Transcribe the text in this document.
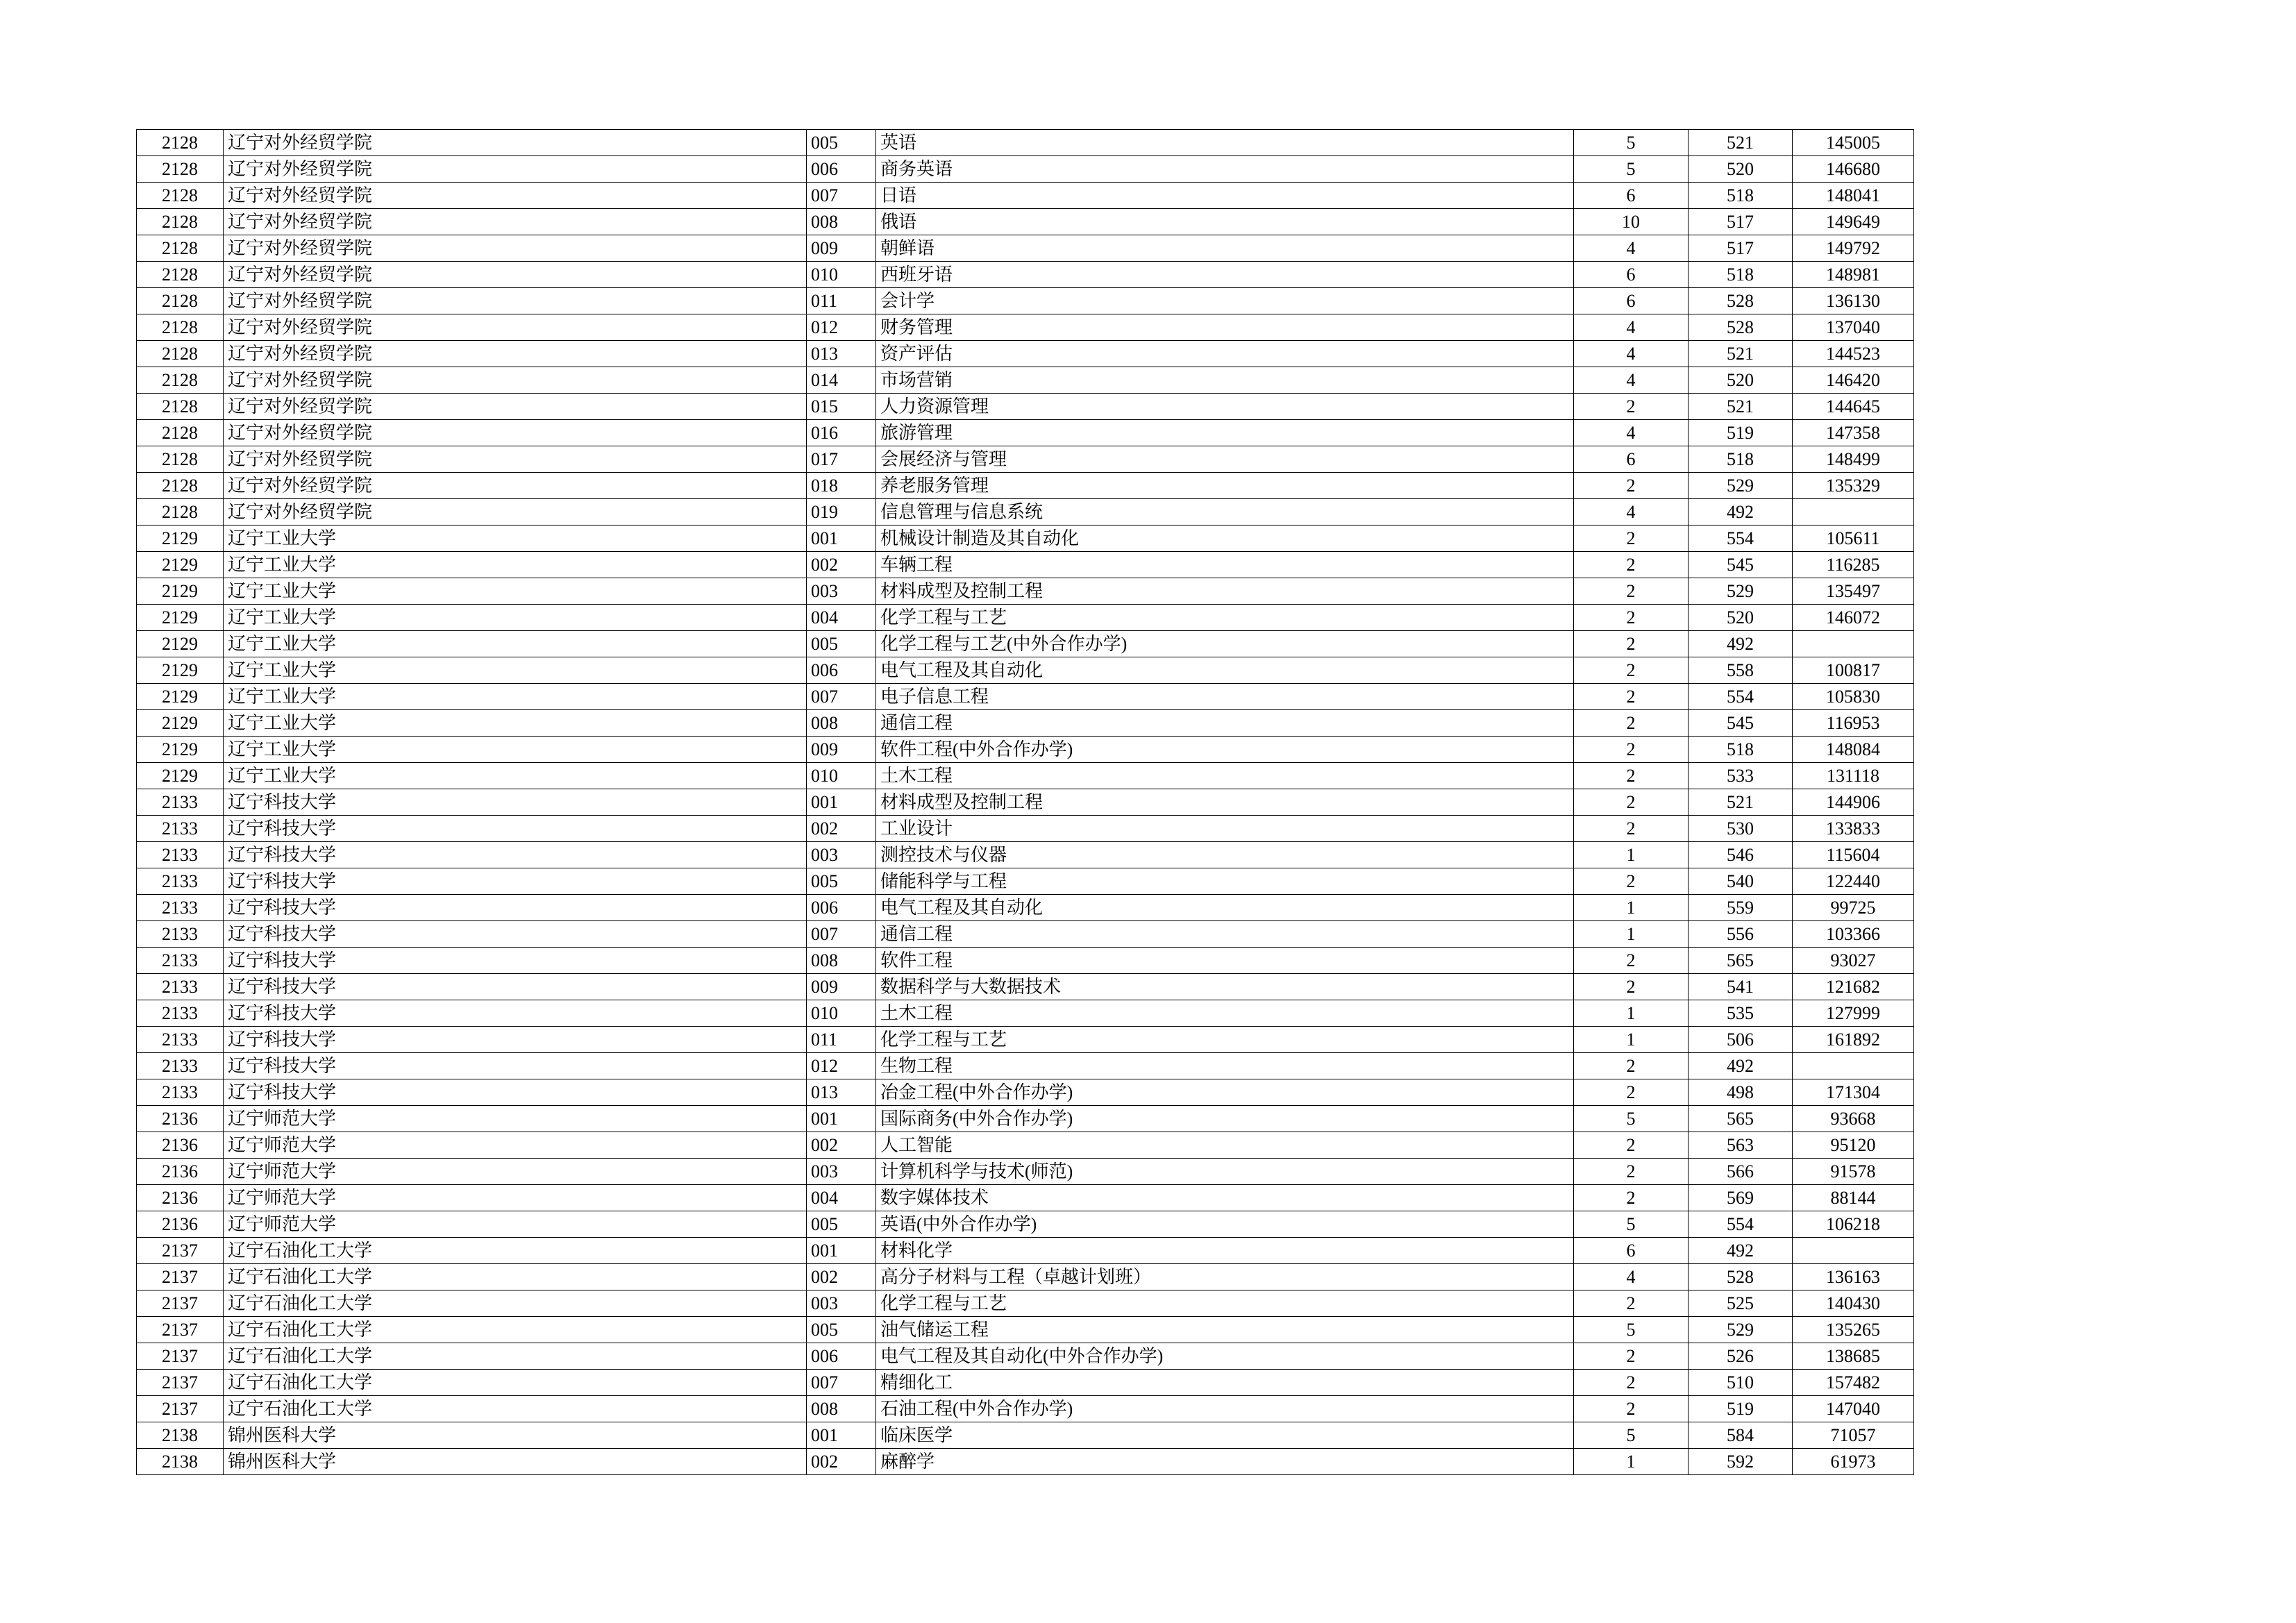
2128	辽宁对外经贸学院	005	英语	5	521	145005
2128	辽宁对外经贸学院	006	商务英语	5	520	146680
2128	辽宁对外经贸学院	007	日语	6	518	148041
2128	辽宁对外经贸学院	008	俄语	10	517	149649
2128	辽宁对外经贸学院	009	朝鲜语	4	517	149792
2128	辽宁对外经贸学院	010	西班牙语	6	518	148981
2128	辽宁对外经贸学院	011	会计学	6	528	136130
2128	辽宁对外经贸学院	012	财务管理	4	528	137040
2128	辽宁对外经贸学院	013	资产评估	4	521	144523
2128	辽宁对外经贸学院	014	市场营销	4	520	146420
2128	辽宁对外经贸学院	015	人力资源管理	2	521	144645
2128	辽宁对外经贸学院	016	旅游管理	4	519	147358
2128	辽宁对外经贸学院	017	会展经济与管理	6	518	148499
2128	辽宁对外经贸学院	018	养老服务管理	2	529	135329
2128	辽宁对外经贸学院	019	信息管理与信息系统	4	492	
2129	辽宁工业大学	001	机械设计制造及其自动化	2	554	105611
2129	辽宁工业大学	002	车辆工程	2	545	116285
2129	辽宁工业大学	003	材料成型及控制工程	2	529	135497
2129	辽宁工业大学	004	化学工程与工艺	2	520	146072
2129	辽宁工业大学	005	化学工程与工艺(中外合作办学)	2	492	
2129	辽宁工业大学	006	电气工程及其自动化	2	558	100817
2129	辽宁工业大学	007	电子信息工程	2	554	105830
2129	辽宁工业大学	008	通信工程	2	545	116953
2129	辽宁工业大学	009	软件工程(中外合作办学)	2	518	148084
2129	辽宁工业大学	010	土木工程	2	533	131118
2133	辽宁科技大学	001	材料成型及控制工程	2	521	144906
2133	辽宁科技大学	002	工业设计	2	530	133833
2133	辽宁科技大学	003	测控技术与仪器	1	546	115604
2133	辽宁科技大学	005	储能科学与工程	2	540	122440
2133	辽宁科技大学	006	电气工程及其自动化	1	559	99725
2133	辽宁科技大学	007	通信工程	1	556	103366
2133	辽宁科技大学	008	软件工程	2	565	93027
2133	辽宁科技大学	009	数据科学与大数据技术	2	541	121682
2133	辽宁科技大学	010	土木工程	1	535	127999
2133	辽宁科技大学	011	化学工程与工艺	1	506	161892
2133	辽宁科技大学	012	生物工程	2	492	
2133	辽宁科技大学	013	冶金工程(中外合作办学)	2	498	171304
2136	辽宁师范大学	001	国际商务(中外合作办学)	5	565	93668
2136	辽宁师范大学	002	人工智能	2	563	95120
2136	辽宁师范大学	003	计算机科学与技术(师范)	2	566	91578
2136	辽宁师范大学	004	数字媒体技术	2	569	88144
2136	辽宁师范大学	005	英语(中外合作办学)	5	554	106218
2137	辽宁石油化工大学	001	材料化学	6	492	
2137	辽宁石油化工大学	002	高分子材料与工程（卓越计划班）	4	528	136163
2137	辽宁石油化工大学	003	化学工程与工艺	2	525	140430
2137	辽宁石油化工大学	005	油气储运工程	5	529	135265
2137	辽宁石油化工大学	006	电气工程及其自动化(中外合作办学)	2	526	138685
2137	辽宁石油化工大学	007	精细化工	2	510	157482
2137	辽宁石油化工大学	008	石油工程(中外合作办学)	2	519	147040
2138	锦州医科大学	001	临床医学	5	584	71057
2138	锦州医科大学	002	麻醉学	1	592	61973
